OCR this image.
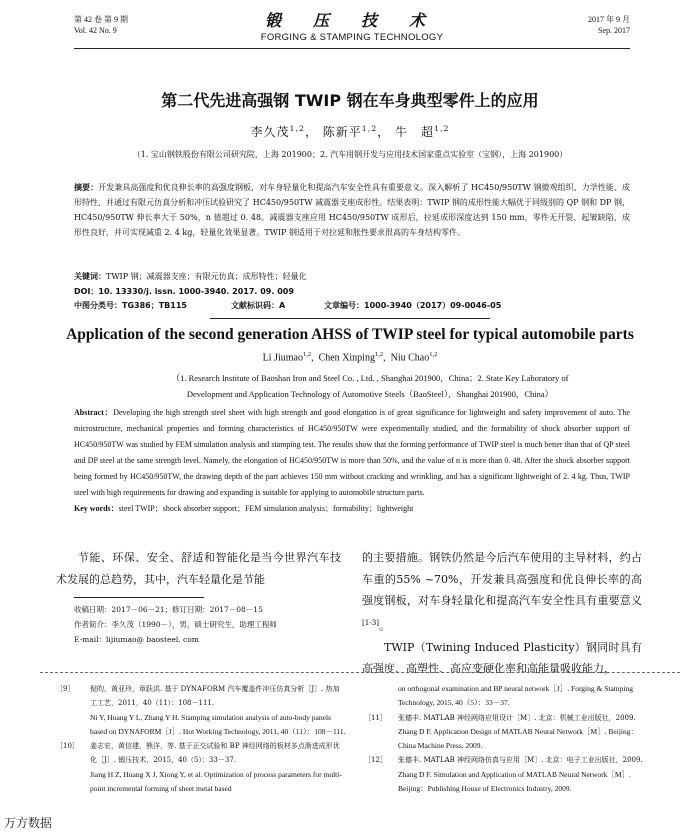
第 42 卷 第 9 期
Vol. 42 No. 9
锻 压 技 术
FORGING & STAMPING TECHNOLOGY
2017 年 9 月
Sep. 2017
第二代先进高强钢 TWIP 钢在车身典型零件上的应用
李久茂$^{1,2}$， 陈新平$^{1,2}$， 牛　超$^{1,2}$
（1. 宝山钢铁股份有限公司研究院，上海 201900；2. 汽车用钢开发与应用技术国家重点实验室（宝钢），上海 201900）
摘要：开发兼具高强度和优良伸长率的高强度钢板，对车身轻量化和提高汽车安全性具有重要意义。深入解析了 HC450/950TW 钢微观组织、力学性能、成形特性，并通过有限元仿真分析和冲压试验研究了 HC450/950TW 减震器支座成形性。结果表明：TWIP 钢的成形性能大幅优于同级别的 QP 钢和 DP 钢，HC450/950TW 伸长率大于 50%，n 值超过 0. 48。减震器支座应用 HC450/950TW 成形后，拉延成形深度达到 150 mm，零件无开裂、起皱缺陷，成形性良好，并可实现减重 2. 4 kg，轻量化效果显著。TWIP 钢适用于对拉延和胀性要求很高的车身结构零件。
关键词：TWIP 钢；减震器支座；有限元仿真；成形特性；轻量化
DOI：10. 13330/j. issn. 1000-3940. 2017. 09. 009
中图分类号：TG386；TB115	文献标识码：A	文章编号：1000-3940（2017）09-0046-05
Application of the second generation AHSS of TWIP steel for typical automobile parts
Li Jiumao$^{1,2}$,  Chen Xinping$^{1,2}$,  Niu Chao$^{1,2}$
（1. Research Institute of Baoshan Iron and Steel Co. , Ltd. , Shanghai 201900，China；2. State Key Laboratory of
Development and Application Technology of Automotive Steels（BaoSteel），Shanghai 201900，China）
Abstract：Developing the high strength steel sheet with high strength and good elongation is of great significance for lightweight and safety improvement of auto. The microstructure, mechanical properties and forming characteristics of HC450/950TW were experimentally studied, and the formability of shock absorber support of HC450/950TW was studied by FEM simulation analysis and stamping test. The results show that the forming performance of TWIP steel is much better than that of QP steel and DP steel at the same strength level. Namely, the elongation of HC450/950TW is more than 50%, and the value of n is more than 0. 48. After the shock absorber support being formed by HC450/950TW, the drawing depth of the part achieves 150 mm without cracking and wrinkling, and has a significant lightweight of 2. 4 kg. Thus, TWIP steel with high requirements for drawing and expanding is suitable for applying to automobile structure parts.
Key words：steel TWIP；shock absorber support；FEM simulation analysis；formability；lightweight
节能、环保、安全、舒适和智能化是当今世界汽车技术发展的总趋势，其中，汽车轻量化是节能
收稿日期：2017－06－21；修订日期：2017－08－15
作者简介：李久茂（1990－），男，硕士研究生，助理工程师
E-mail：lijiumao@ baosteel. com
的主要措施。钢铁仍然是今后汽车使用的主导材料，约占车重的55% ~70%，开发兼具高强度和优良伸长率的高强度钢板，对车身轻量化和提高汽车安全性具有重要意义[1-3]。
TWIP（Twining Induced Plasticity）钢同时具有高强度、高塑性、高应变硬化率和高能量吸收能力，
［9］ 倪昀，黄亚玲，章跃洪. 基于 DYNAFORM 汽车覆盖件冲压仿真分析［J］. 热加工工艺，2011，40（11）：108－111.
Ni Y, Huang Y L, Zhang Y H. Stamping simulation analysis of auto-body panels based on DYNAFORM［J］. Hot Working Technology, 2011, 40（11）：108－111.
［10］ 姜志宏，黄信建，熊洋，等. 基于正交试验和 BP 神经网络的板材多点渐进成形优化［J］. 锻压技术，2015，40（5）：33－37.
Jiang H Z, Huang X J, Xiong Y, et al. Optimization of process parameters for multi-point incremental forming of sheet metal based
on orthogonal examination and BP neural network［J］. Forging & Stamping Technology, 2015, 40（5）：33－37.
［11］ 张德丰. MATLAB 神经网络应用设计［M］. 北京：机械工业出版社，2009.
Zhang D F. Application Design of MATLAB Neural Network［M］. Beijing：China Machine Press, 2009.
［12］ 张德丰. MATLAB 神经网络仿真与应用［M］. 北京：电子工业出版社，2009.
Zhang D F. Simulation and Application of MATLAB Neural Network［M］. Beijing：Publishing House of Electronics Industry, 2009.
万方数据
